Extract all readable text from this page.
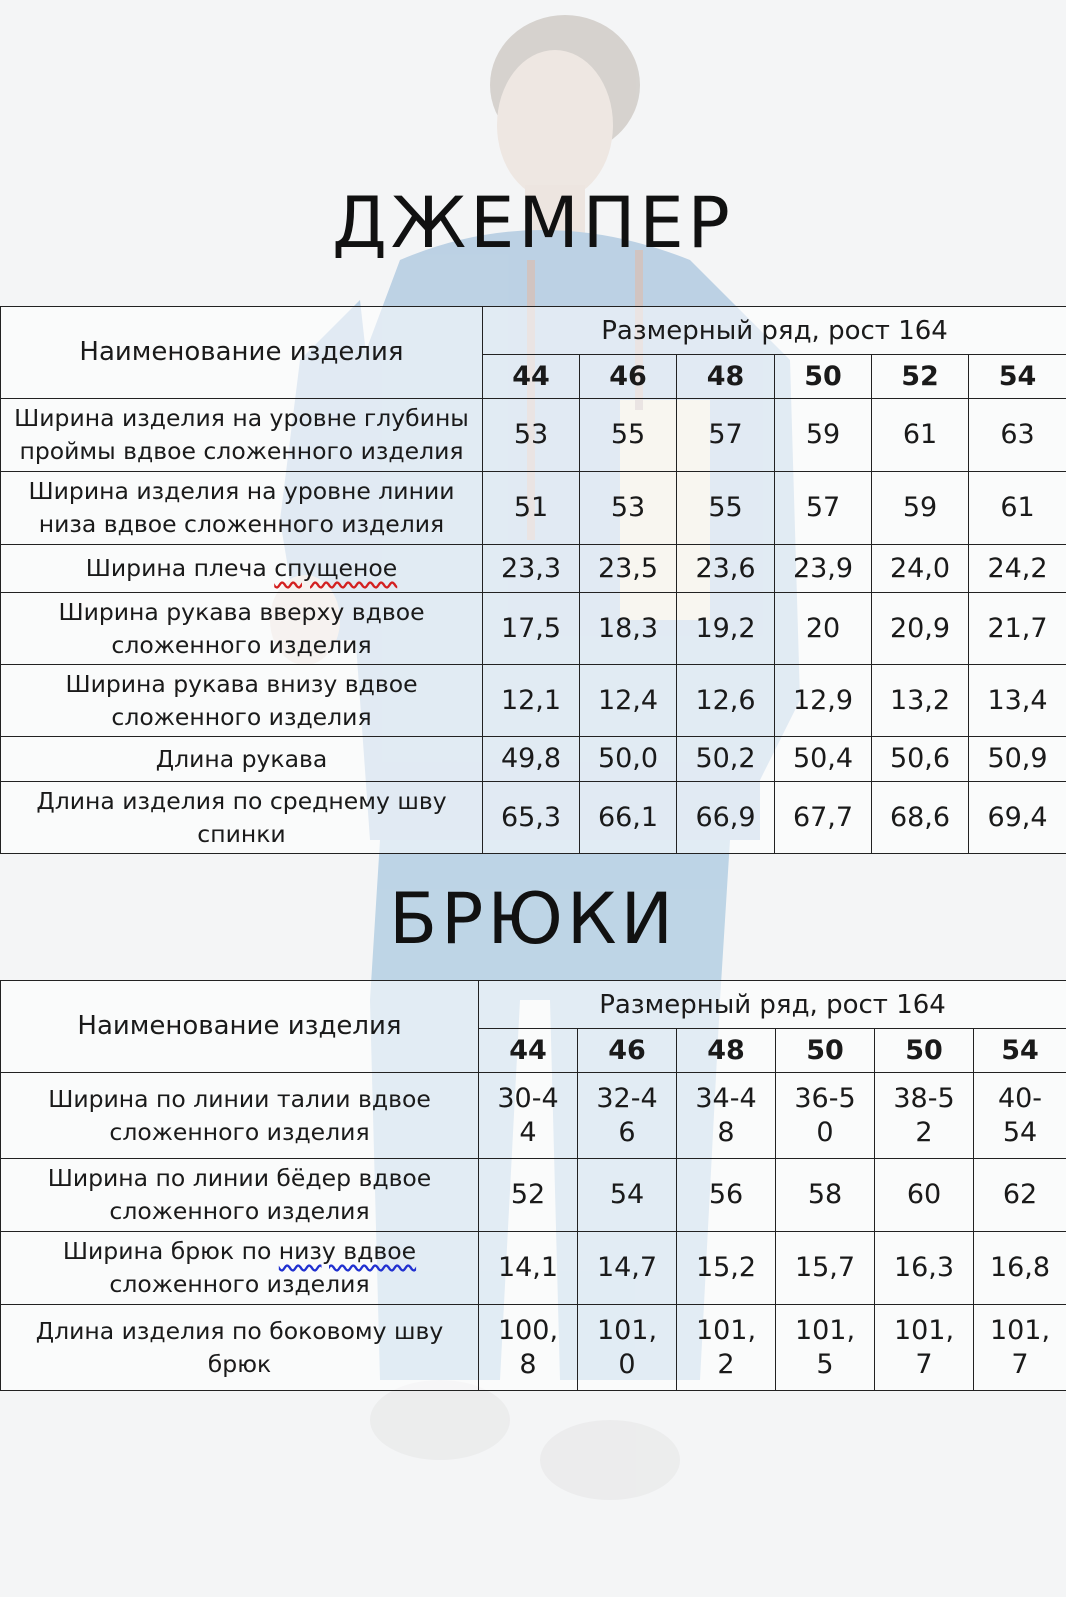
ДЖЕМПЕР
Наименование изделия	Размерный ряд, рост 164					
	44	46	48	50	52	54
Ширина изделия на уровне глубины проймы вдвое сложенного изделия	53	55	57	59	61	63
Ширина изделия на уровне линии низа вдвое сложенного изделия	51	53	55	57	59	61
Ширина плеча спущеное	23,3	23,5	23,6	23,9	24,0	24,2
Ширина рукава вверху вдвое сложенного изделия	17,5	18,3	19,2	20	20,9	21,7
Ширина рукава внизу вдвое сложенного изделия	12,1	12,4	12,6	12,9	13,2	13,4
Длина рукава	49,8	50,0	50,2	50,4	50,6	50,9
Длина изделия по среднему шву спинки	65,3	66,1	66,9	67,7	68,6	69,4
БРЮКИ
Наименование изделия	Размерный ряд, рост 164					
	44	46	48	50	50	54
Ширина по линии талии вдвое сложенного изделия	30-44	32-46	34-48	36-50	38-52	40-54
Ширина по линии бёдер вдвое сложенного изделия	52	54	56	58	60	62
Ширина брюк по низу вдвое сложенного изделия	14,1	14,7	15,2	15,7	16,3	16,8
Длина изделия по боковому шву брюк	100,8	101,0	101,2	101,5	101,7	101,7
